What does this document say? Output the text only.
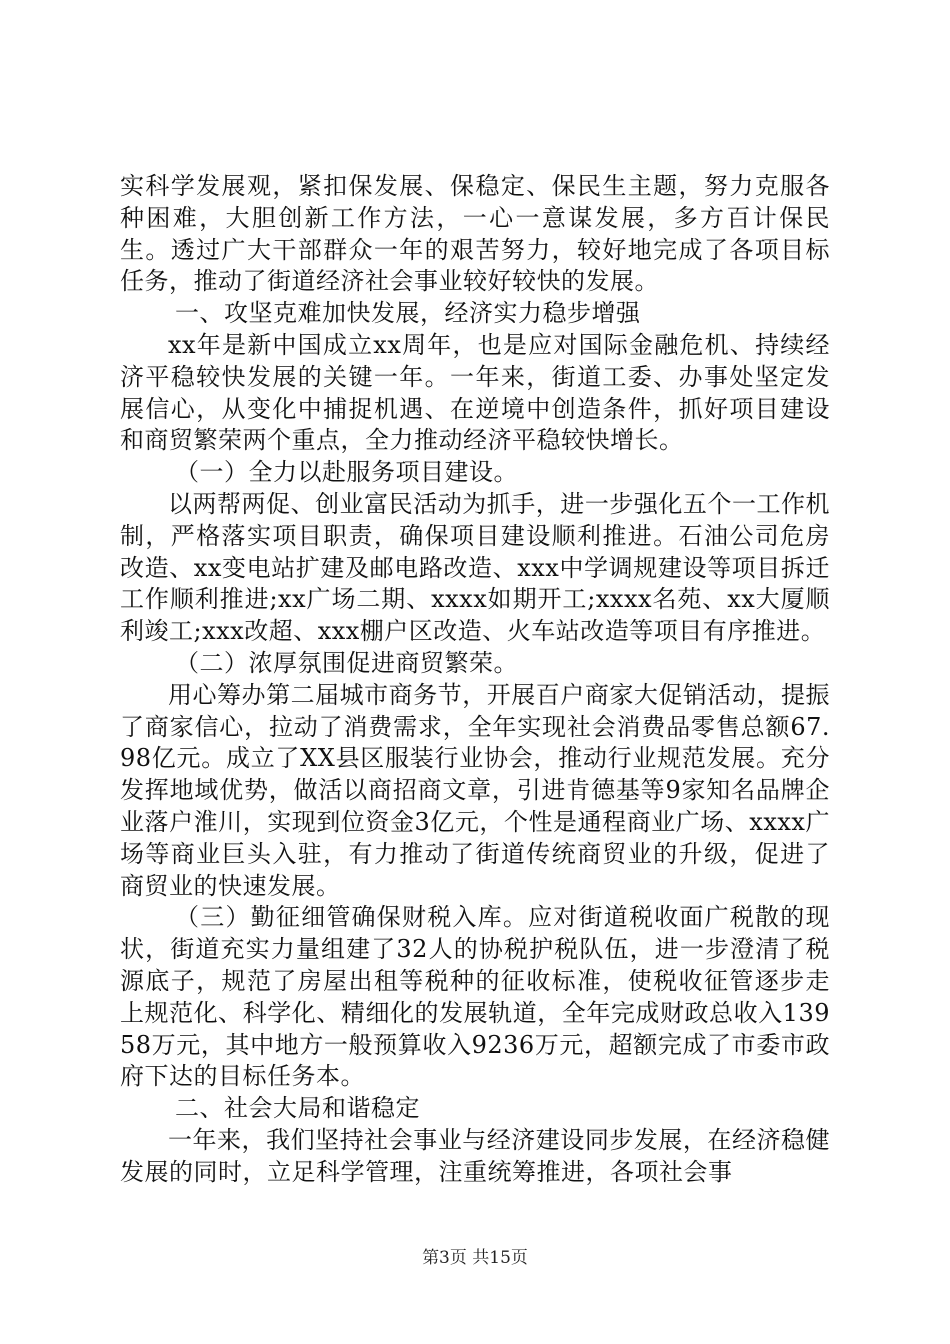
实科学发展观，紧扣保发展、保稳定、保民生主题，努力克服各种困难，大胆创新工作方法，一心一意谋发展，多方百计保民生。透过广大干部群众一年的艰苦努力，较好地完成了各项目标任务，推动了街道经济社会事业较好较快的发展。

一、攻坚克难加快发展，经济实力稳步增强

xx年是新中国成立xx周年，也是应对国际金融危机、持续经济平稳较快发展的关键一年。一年来，街道工委、办事处坚定发展信心，从变化中捕捉机遇、在逆境中创造条件，抓好项目建设和商贸繁荣两个重点，全力推动经济平稳较快增长。

（一）全力以赴服务项目建设。

以两帮两促、创业富民活动为抓手，进一步强化五个一工作机制，严格落实项目职责，确保项目建设顺利推进。石油公司危房改造、xx变电站扩建及邮电路改造、xxx中学调规建设等项目拆迁工作顺利推进;xx广场二期、xxxx如期开工;xxxx名苑、xx大厦顺利竣工;xxx改超、xxx棚户区改造、火车站改造等项目有序推进。

（二）浓厚氛围促进商贸繁荣。

用心筹办第二届城市商务节，开展百户商家大促销活动，提振了商家信心，拉动了消费需求，全年实现社会消费品零售总额67.98亿元。成立了XX县区服装行业协会，推动行业规范发展。充分发挥地域优势，做活以商招商文章，引进肯德基等9家知名品牌企业落户淮川，实现到位资金3亿元，个性是通程商业广场、xxxx广场等商业巨头入驻，有力推动了街道传统商贸业的升级，促进了商贸业的快速发展。

（三）勤征细管确保财税入库。应对街道税收面广税散的现状，街道充实力量组建了32人的协税护税队伍，进一步澄清了税源底子，规范了房屋出租等税种的征收标准，使税收征管逐步走上规范化、科学化、精细化的发展轨道，全年完成财政总收入13958万元，其中地方一般预算收入9236万元，超额完成了市委市政府下达的目标任务本。

二、社会大局和谐稳定

一年来，我们坚持社会事业与经济建设同步发展，在经济稳健发展的同时，立足科学管理，注重统筹推进，各项社会事

第3页 共15页
